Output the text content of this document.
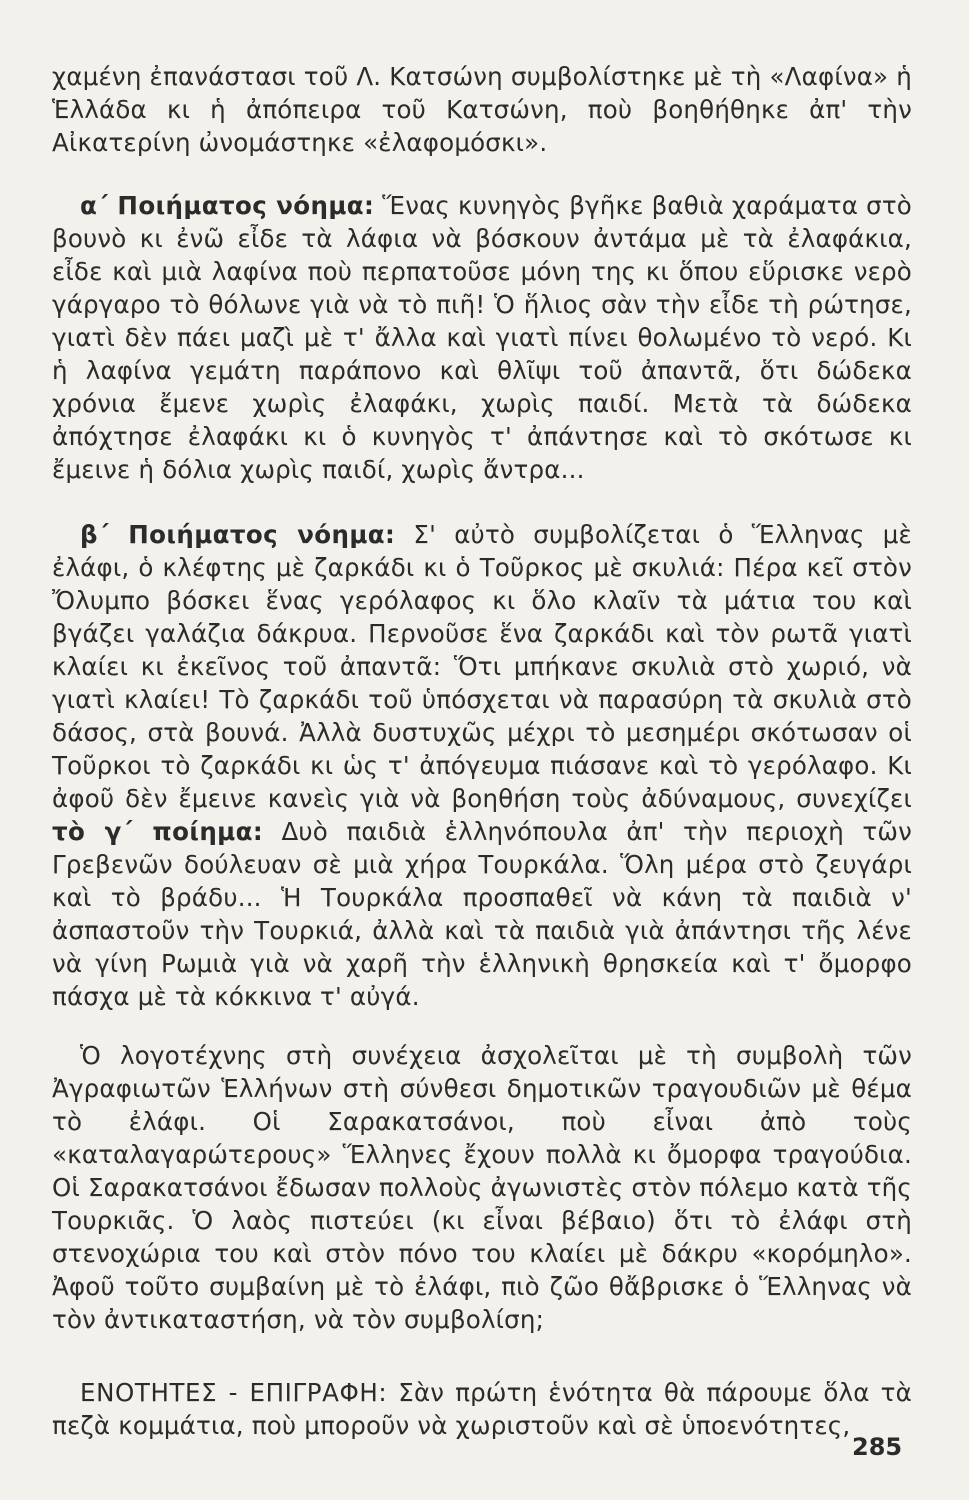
χαμένη ἐπανάστασι τοῦ Λ. Κατσώνη συμβολίστηκε μὲ τὴ «Λαφίνα» ἡ Ἑλλάδα κι ἡ ἀπόπειρα τοῦ Κατσώνη, ποὺ βοηθήθηκε ἀπ' τὴν Αἰκατερίνη ὠνομάστηκε «ἐλαφομόσκι».

α΄ Ποιήματος νόημα: Ἕνας κυνηγὸς βγῆκε βαθιὰ χαράματα στὸ βουνὸ κι ἐνῶ εἶδε τὰ λάφια νὰ βόσκουν ἀντάμα μὲ τὰ ἐλαφάκια, εἶδε καὶ μιὰ λαφίνα ποὺ περπατοῦσε μόνη της κι ὅπου εὕρισκε νερὸ γάργαρο τὸ θόλωνε γιὰ νὰ τὸ πιῆ! Ὁ ἥλιος σὰν τὴν εἶδε τὴ ρώτησε, γιατὶ δὲν πάει μαζὶ μὲ τ' ἄλλα καὶ γιατὶ πίνει θολωμένο τὸ νερό. Κι ἡ λαφίνα γεμάτη παράπονο καὶ θλῖψι τοῦ ἀπαντᾶ, ὅτι δώδεκα χρόνια ἔμενε χωρὶς ἐλαφάκι, χωρὶς παιδί. Μετὰ τὰ δώδεκα ἀπόχτησε ἐλαφάκι κι ὁ κυνηγὸς τ' ἀπάντησε καὶ τὸ σκότωσε κι ἔμεινε ἡ δόλια χωρὶς παιδί, χωρὶς ἄντρα...

β΄ Ποιήματος νόημα: Σ' αὐτὸ συμβολίζεται ὁ Ἕλληνας μὲ ἐλάφι, ὁ κλέφτης μὲ ζαρκάδι κι ὁ Τοῦρκος μὲ σκυλιά: Πέρα κεῖ στὸν Ὄλυμπο βόσκει ἕνας γερόλαφος κι ὅλο κλαῖν τὰ μάτια του καὶ βγάζει γαλάζια δάκρυα. Περνοῦσε ἕνα ζαρκάδι καὶ τὸν ρωτᾶ γιατὶ κλαίει κι ἐκεῖνος τοῦ ἀπαντᾶ: Ὅτι μπήκανε σκυλιὰ στὸ χωριό, νὰ γιατὶ κλαίει! Τὸ ζαρκάδι τοῦ ὑπόσχεται νὰ παρασύρη τὰ σκυλιὰ στὸ δάσος, στὰ βουνά. Ἀλλὰ δυστυχῶς μέχρι τὸ μεσημέρι σκότωσαν οἱ Τοῦρκοι τὸ ζαρκάδι κι ὡς τ' ἀπόγευμα πιάσανε καὶ τὸ γερόλαφο. Κι ἀφοῦ δὲν ἔμεινε κανεὶς γιὰ νὰ βοηθήση τοὺς ἀδύναμους, συνεχίζει τὸ γ΄ ποίημα: Δυὸ παιδιὰ ἑλληνόπουλα ἀπ' τὴν περιοχὴ τῶν Γρεβενῶν δούλευαν σὲ μιὰ χήρα Τουρκάλα. Ὅλη μέρα στὸ ζευγάρι καὶ τὸ βράδυ... Ἡ Τουρκάλα προσπαθεῖ νὰ κάνη τὰ παιδιὰ ν' ἀσπαστοῦν τὴν Τουρκιά, ἀλλὰ καὶ τὰ παιδιὰ γιὰ ἀπάντησι τῆς λένε νὰ γίνη Ρωμιὰ γιὰ νὰ χαρῆ τὴν ἑλληνικὴ θρησκεία καὶ τ' ὄμορφο πάσχα μὲ τὰ κόκκινα τ' αὐγά.

Ὁ λογοτέχνης στὴ συνέχεια ἀσχολεῖται μὲ τὴ συμβολὴ τῶν Ἀγραφιωτῶν Ἑλλήνων στὴ σύνθεσι δημοτικῶν τραγουδιῶν μὲ θέμα τὸ ἐλάφι. Οἱ Σαρακατσάνοι, ποὺ εἶναι ἀπὸ τοὺς «καταλαγαρώτερους» Ἕλληνες ἔχουν πολλὰ κι ὄμορφα τραγούδια. Οἱ Σαρακατσάνοι ἔδωσαν πολλοὺς ἀγωνιστὲς στὸν πόλεμο κατὰ τῆς Τουρκιᾶς. Ὁ λαὸς πιστεύει (κι εἶναι βέβαιο) ὅτι τὸ ἐλάφι στὴ στενοχώρια του καὶ στὸν πόνο του κλαίει μὲ δάκρυ «κορόμηλο». Ἀφοῦ τοῦτο συμβαίνη μὲ τὸ ἐλάφι, πιὸ ζῶο θἄβρισκε ὁ Ἕλληνας νὰ τὸν ἀντικαταστήση, νὰ τὸν συμβολίση;

ΕΝΟΤΗΤΕΣ - ΕΠΙΓΡΑΦΗ: Σὰν πρώτη ἑνότητα θὰ πάρουμε ὅλα τὰ πεζὰ κομμάτια, ποὺ μποροῦν νὰ χωριστοῦν καὶ σὲ ὑποενότητες,

285
